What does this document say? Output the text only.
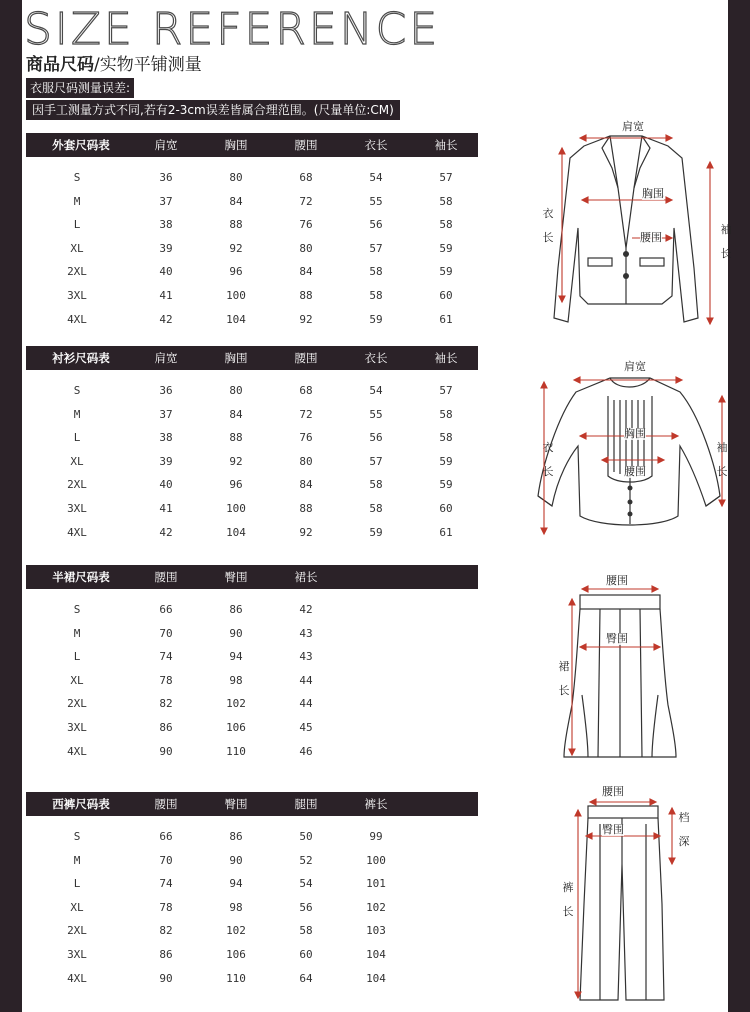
SIZE REFERENCE
商品尺码/实物平铺测量
衣服尺码测量误差:
因手工测量方式不同,若有2-3cm误差皆属合理范围。(尺量单位:CM)
外套尺码表	肩宽	胸围	腰围	衣长	袖长
S	36	80	68	54	57
M	37	84	72	55	58
L	38	88	76	56	58
XL	39	92	80	57	59
2XL	40	96	84	58	59
3XL	41	100	88	58	60
4XL	42	104	92	59	61
衬衫尺码表	肩宽	胸围	腰围	衣长	袖长
S	36	80	68	54	57
M	37	84	72	55	58
L	38	88	76	56	58
XL	39	92	80	57	59
2XL	40	96	84	58	59
3XL	41	100	88	58	60
4XL	42	104	92	59	61
半裙尺码表	腰围	臀围	裙长
S	66	86	42
M	70	90	43
L	74	94	43
XL	78	98	44
2XL	82	102	44
3XL	86	106	45
4XL	90	110	46
西裤尺码表	腰围	臀围	腿围	裤长
S	66	86	50	99
M	70	90	52	100
L	74	94	54	101
XL	78	98	56	102
2XL	82	102	58	103
3XL	86	106	60	104
4XL	90	110	64	104
肩宽
胸围
腰围
衣长
袖长
肩宽
胸围
腰围
衣长
袖长
腰围
臀围
裙长
腰围
臀围
档深
裤长
